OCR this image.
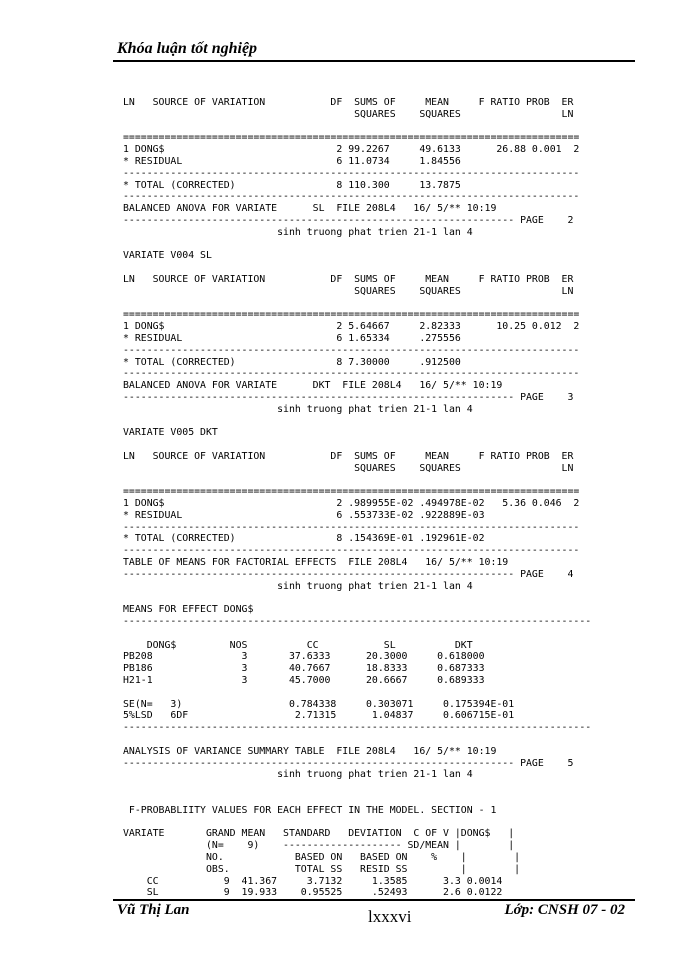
Khóa luận tốt nghiệp
LN   SOURCE OF VARIATION           DF  SUMS OF     MEAN     F RATIO PROB  ER
SQUARES    SQUARES                 LN

=============================================================================
1 DONG$                             2 99.2267     49.6133      26.88 0.001  2
* RESIDUAL                          6 11.0734     1.84556
-----------------------------------------------------------------------------
* TOTAL (CORRECTED)                 8 110.300     13.7875
-----------------------------------------------------------------------------
BALANCED ANOVA FOR VARIATE      SL  FILE 208L4   16/ 5/** 10:19
------------------------------------------------------------------ PAGE    2
sinh truong phat trien 21-1 lan 4

VARIATE V004 SL

LN   SOURCE OF VARIATION           DF  SUMS OF     MEAN     F RATIO PROB  ER
SQUARES    SQUARES                 LN

=============================================================================
1 DONG$                             2 5.64667     2.82333      10.25 0.012  2
* RESIDUAL                          6 1.65334     .275556
-----------------------------------------------------------------------------
* TOTAL (CORRECTED)                 8 7.30000     .912500
-----------------------------------------------------------------------------
BALANCED ANOVA FOR VARIATE      DKT  FILE 208L4   16/ 5/** 10:19
------------------------------------------------------------------ PAGE    3
sinh truong phat trien 21-1 lan 4

VARIATE V005 DKT

LN   SOURCE OF VARIATION           DF  SUMS OF     MEAN     F RATIO PROB  ER
SQUARES    SQUARES                 LN

=============================================================================
1 DONG$                             2 .989955E-02 .494978E-02   5.36 0.046  2
* RESIDUAL                          6 .553733E-02 .922889E-03
-----------------------------------------------------------------------------
* TOTAL (CORRECTED)                 8 .154369E-01 .192961E-02
-----------------------------------------------------------------------------
TABLE OF MEANS FOR FACTORIAL EFFECTS  FILE 208L4   16/ 5/** 10:19
------------------------------------------------------------------ PAGE    4
sinh truong phat trien 21-1 lan 4

MEANS FOR EFFECT DONG$
-------------------------------------------------------------------------------

DONG$         NOS          CC           SL          DKT
PB208               3       37.6333      20.3000     0.618000
PB186               3       40.7667      18.8333     0.687333
H21-1               3       45.7000      20.6667     0.689333

SE(N=   3)                  0.784338     0.303071     0.175394E-01
5%LSD   6DF                  2.71315      1.04837     0.606715E-01
-------------------------------------------------------------------------------

ANALYSIS OF VARIANCE SUMMARY TABLE  FILE 208L4   16/ 5/** 10:19
------------------------------------------------------------------ PAGE    5
sinh truong phat trien 21-1 lan 4

F-PROBABLIITY VALUES FOR EACH EFFECT IN THE MODEL. SECTION - 1

VARIATE       GRAND MEAN   STANDARD   DEVIATION  C OF V |DONG$   |
(N=    9)    -------------------- SD/MEAN |        |
NO.            BASED ON   BASED ON    %    |        |
OBS.           TOTAL SS   RESID SS         |        |
CC           9  41.367     3.7132     1.3585      3.3 0.0014
SL           9  19.933    0.95525     .52493      2.6 0.0122

Vũ Thị Lan	lxxxvi	Lớp: CNSH 07 - 02
